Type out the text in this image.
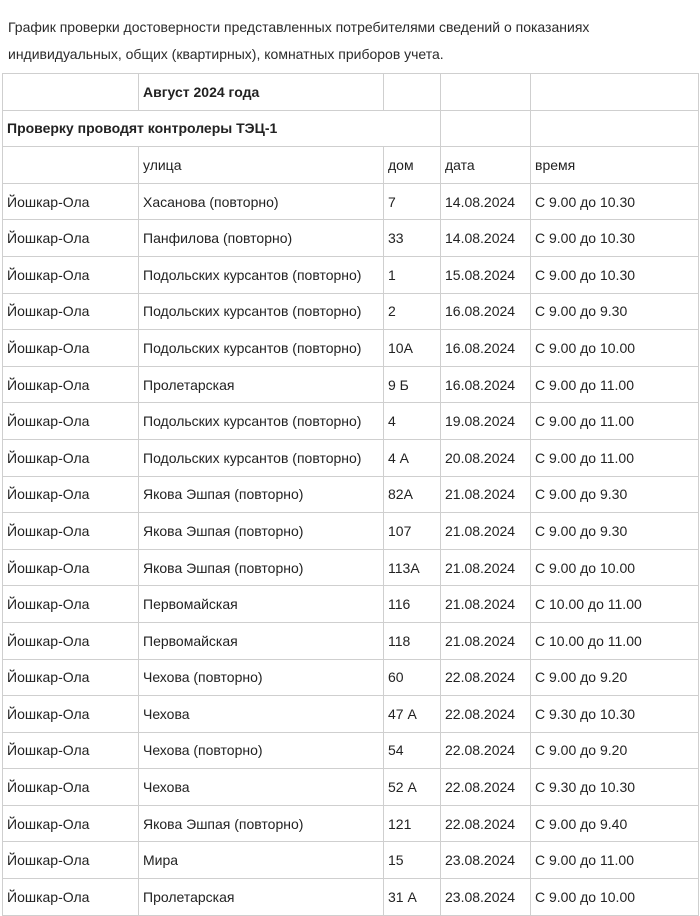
График проверки достоверности представленных потребителями сведений о показаниях индивидуальных, общих (квартирных), комнатных приборов учета.
	Август 2024 года			
Проверку проводят контролеры ТЭЦ-1				
	улица	дом	дата	время
Йошкар-Ола	Хасанова (повторно)	7	14.08.2024	С 9.00 до 10.30
Йошкар-Ола	Панфилова (повторно)	33	14.08.2024	С 9.00 до 10.30
Йошкар-Ола	Подольских курсантов (повторно)	1	15.08.2024	С 9.00 до 10.30
Йошкар-Ола	Подольских курсантов (повторно)	2	16.08.2024	С 9.00 до 9.30
Йошкар-Ола	Подольских курсантов (повторно)	10А	16.08.2024	С 9.00 до 10.00
Йошкар-Ола	Пролетарская	9 Б	16.08.2024	С 9.00 до 11.00
Йошкар-Ола	Подольских курсантов (повторно)	4	19.08.2024	С 9.00 до 11.00
Йошкар-Ола	Подольских курсантов (повторно)	4 А	20.08.2024	С 9.00 до 11.00
Йошкар-Ола	Якова Эшпая (повторно)	82А	21.08.2024	С 9.00 до 9.30
Йошкар-Ола	Якова Эшпая (повторно)	107	21.08.2024	С 9.00 до 9.30
Йошкар-Ола	Якова Эшпая (повторно)	113А	21.08.2024	С 9.00 до 10.00
Йошкар-Ола	Первомайская	116	21.08.2024	С 10.00 до 11.00
Йошкар-Ола	Первомайская	118	21.08.2024	С 10.00 до 11.00
Йошкар-Ола	Чехова (повторно)	60	22.08.2024	С 9.00 до 9.20
Йошкар-Ола	Чехова	47 А	22.08.2024	С 9.30 до 10.30
Йошкар-Ола	Чехова (повторно)	54	22.08.2024	С 9.00 до 9.20
Йошкар-Ола	Чехова	52 А	22.08.2024	С 9.30 до 10.30
Йошкар-Ола	Якова Эшпая (повторно)	121	22.08.2024	С 9.00 до 9.40
Йошкар-Ола	Мира	15	23.08.2024	С 9.00 до 11.00
Йошкар-Ола	Пролетарская	31 А	23.08.2024	С 9.00 до 10.00
